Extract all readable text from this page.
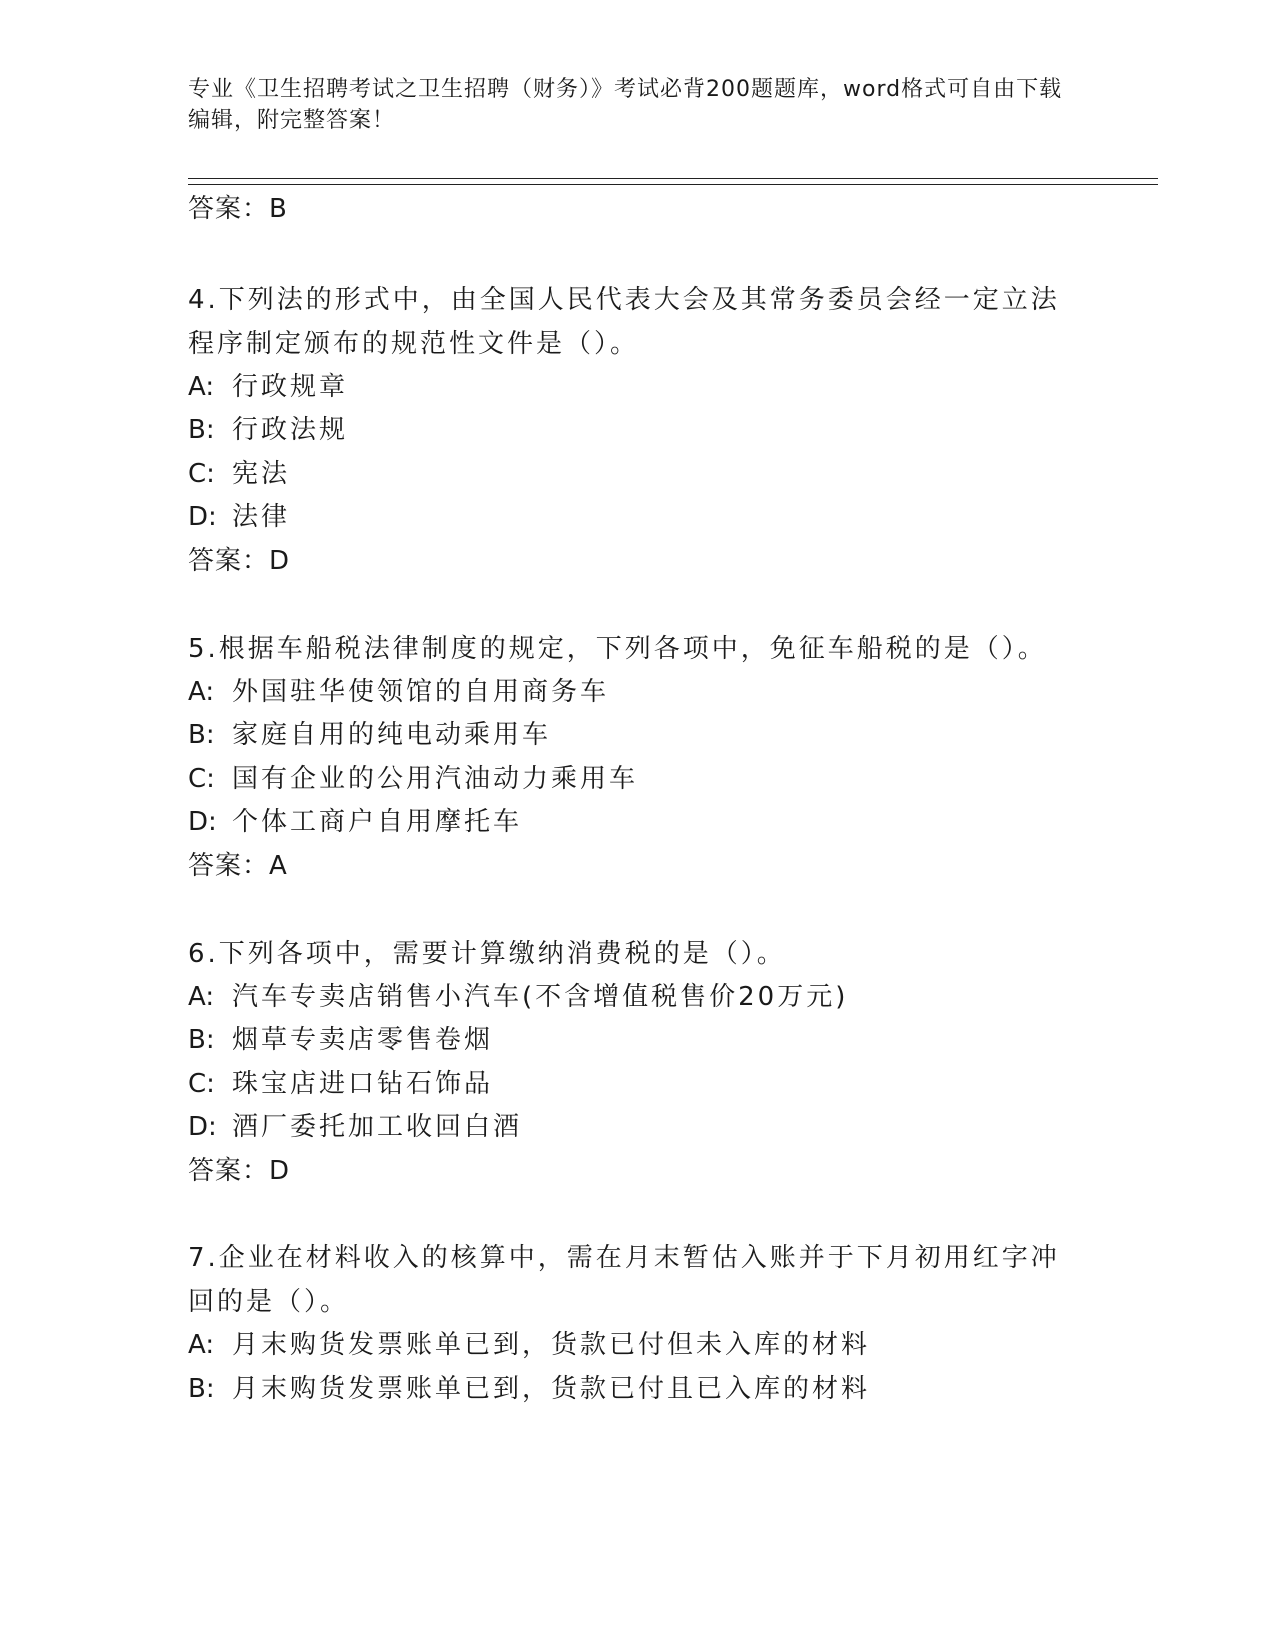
专业《卫生招聘考试之卫生招聘（财务）》考试必背200题题库，word格式可自由下载编辑，附完整答案！
答案：B
4.下列法的形式中，由全国人民代表大会及其常务委员会经一定立法
程序制定颁布的规范性文件是（）。
A: 行政规章
B: 行政法规
C: 宪法
D: 法律
答案：D
5.根据车船税法律制度的规定，下列各项中，免征车船税的是（）。
A: 外国驻华使领馆的自用商务车
B: 家庭自用的纯电动乘用车
C: 国有企业的公用汽油动力乘用车
D: 个体工商户自用摩托车
答案：A
6.下列各项中，需要计算缴纳消费税的是（）。
A: 汽车专卖店销售小汽车(不含增值税售价20万元)
B: 烟草专卖店零售卷烟
C: 珠宝店进口钻石饰品
D: 酒厂委托加工收回白酒
答案：D
7.企业在材料收入的核算中，需在月末暂估入账并于下月初用红字冲
回的是（）。
A: 月末购货发票账单已到，货款已付但未入库的材料
B: 月末购货发票账单已到，货款已付且已入库的材料
